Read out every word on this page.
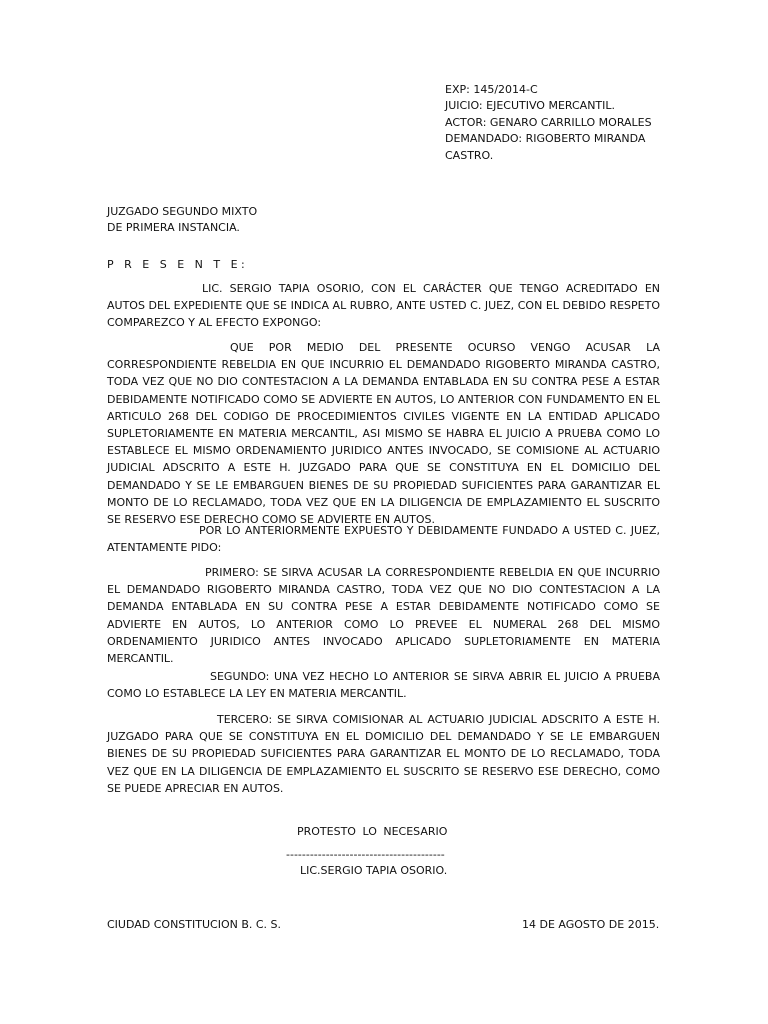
EXP: 145/2014-C
JUICIO: EJECUTIVO MERCANTIL.
ACTOR: GENARO CARRILLO MORALES
DEMANDADO: RIGOBERTO MIRANDA
CASTRO.
JUZGADO SEGUNDO MIXTO
DE PRIMERA INSTANCIA.
P R E S E N T E:

LIC. SERGIO TAPIA OSORIO, CON EL CARÁCTER QUE TENGO ACREDITADO EN AUTOS DEL EXPEDIENTE QUE SE INDICA AL RUBRO, ANTE USTED C. JUEZ, CON EL DEBIDO RESPETO COMPAREZCO Y AL EFECTO EXPONGO:

QUE POR MEDIO DEL PRESENTE OCURSO VENGO ACUSAR LA CORRESPONDIENTE REBELDIA EN QUE INCURRIO EL DEMANDADO RIGOBERTO MIRANDA CASTRO, TODA VEZ QUE NO DIO CONTESTACION A LA DEMANDA ENTABLADA EN SU CONTRA PESE A ESTAR DEBIDAMENTE NOTIFICADO COMO SE ADVIERTE EN AUTOS, LO ANTERIOR CON FUNDAMENTO EN EL ARTICULO 268 DEL CODIGO DE PROCEDIMIENTOS CIVILES VIGENTE EN LA ENTIDAD APLICADO SUPLETORIAMENTE EN MATERIA MERCANTIL, ASI MISMO SE HABRA EL JUICIO A PRUEBA COMO LO ESTABLECE EL MISMO ORDENAMIENTO JURIDICO ANTES INVOCADO, SE COMISIONE AL ACTUARIO JUDICIAL ADSCRITO A ESTE H. JUZGADO PARA QUE SE CONSTITUYA EN EL DOMICILIO DEL DEMANDADO Y SE LE EMBARGUEN BIENES DE SU PROPIEDAD SUFICIENTES PARA GARANTIZAR EL MONTO DE LO RECLAMADO, TODA VEZ QUE EN LA DILIGENCIA DE EMPLAZAMIENTO EL SUSCRITO SE RESERVO ESE DERECHO COMO SE ADVIERTE EN AUTOS.

POR LO ANTERIORMENTE EXPUESTO Y DEBIDAMENTE FUNDADO A USTED C. JUEZ, ATENTAMENTE PIDO:

PRIMERO: SE SIRVA ACUSAR LA CORRESPONDIENTE REBELDIA EN QUE INCURRIO EL DEMANDADO RIGOBERTO MIRANDA CASTRO, TODA VEZ QUE NO DIO CONTESTACION A LA DEMANDA ENTABLADA EN SU CONTRA PESE A ESTAR DEBIDAMENTE NOTIFICADO COMO SE ADVIERTE EN AUTOS, LO ANTERIOR COMO LO PREVEE EL NUMERAL 268 DEL MISMO ORDENAMIENTO JURIDICO ANTES INVOCADO APLICADO SUPLETORIAMENTE EN MATERIA MERCANTIL.

SEGUNDO: UNA VEZ HECHO LO ANTERIOR SE SIRVA ABRIR EL JUICIO A PRUEBA COMO LO ESTABLECE LA LEY EN MATERIA MERCANTIL.

TERCERO: SE SIRVA COMISIONAR AL ACTUARIO JUDICIAL ADSCRITO A ESTE H. JUZGADO PARA QUE SE CONSTITUYA EN EL DOMICILIO DEL DEMANDADO Y SE LE EMBARGUEN BIENES DE SU PROPIEDAD SUFICIENTES PARA GARANTIZAR EL MONTO DE LO RECLAMADO, TODA VEZ QUE EN LA DILIGENCIA DE EMPLAZAMIENTO EL SUSCRITO SE RESERVO ESE DERECHO, COMO SE PUEDE APRECIAR EN AUTOS.

PROTESTO LO NECESARIO
----------------------------------------
LIC.SERGIO TAPIA OSORIO.
CIUDAD CONSTITUCION B. C. S.	14 DE AGOSTO DE 2015.
